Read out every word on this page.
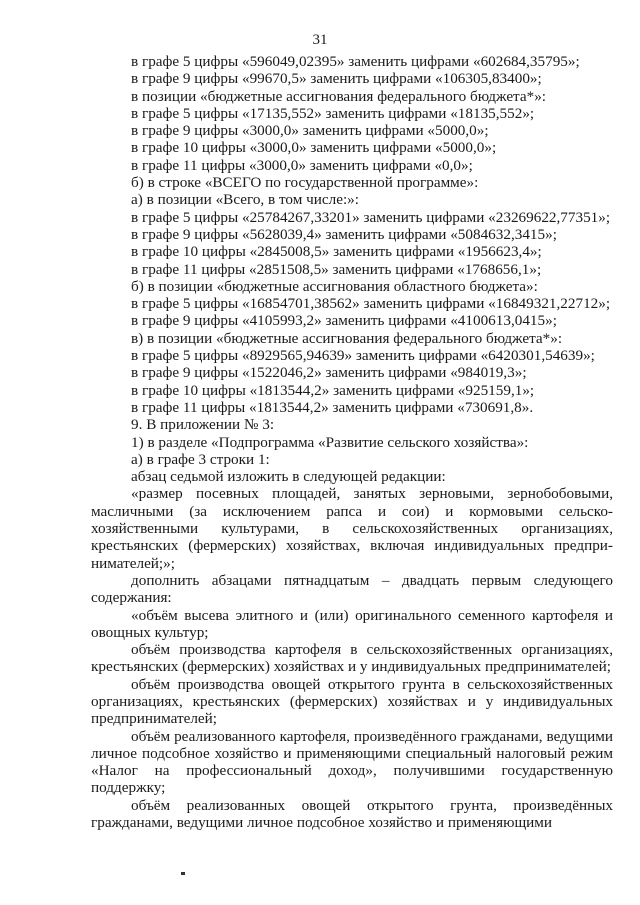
31
в графе 5 цифры «596049,02395» заменить цифрами «602684,35795»;
в графе 9 цифры «99670,5» заменить цифрами «106305,83400»;
в позиции «бюджетные ассигнования федерального бюджета*»:
в графе 5 цифры «17135,552» заменить цифрами «18135,552»;
в графе 9 цифры «3000,0» заменить цифрами «5000,0»;
в графе 10 цифры «3000,0» заменить цифрами «5000,0»;
в графе 11 цифры «3000,0» заменить цифрами «0,0»;
б) в строке «ВСЕГО по государственной программе»:
а) в позиции «Всего, в том числе:»:
в графе 5 цифры «25784267,33201» заменить цифрами «23269622,77351»;
в графе 9 цифры «5628039,4» заменить цифрами «5084632,3415»;
в графе 10 цифры «2845008,5» заменить цифрами «1956623,4»;
в графе 11 цифры «2851508,5» заменить цифрами «1768656,1»;
б) в позиции «бюджетные ассигнования областного бюджета»:
в графе 5 цифры «16854701,38562» заменить цифрами «16849321,22712»;
в графе 9 цифры «4105993,2» заменить цифрами «4100613,0415»;
в) в позиции «бюджетные ассигнования федерального бюджета*»:
в графе 5 цифры «8929565,94639» заменить цифрами «6420301,54639»;
в графе 9 цифры «1522046,2» заменить цифрами «984019,3»;
в графе 10 цифры «1813544,2» заменить цифрами «925159,1»;
в графе 11 цифры «1813544,2» заменить цифрами «730691,8».
9. В приложении № 3:
1) в разделе «Подпрограмма «Развитие сельского хозяйства»:
а) в графе 3 строки 1:
абзац седьмой изложить в следующей редакции:

«размер посевных площадей, занятых зерновыми, зернобобовыми, масличными (за исключением рапса и сои) и кормовыми сельско-хозяйственными культурами, в сельскохозяйственных организациях, крестьянских (фермерских) хозяйствах, включая индивидуальных предпри-нимателей;»;

дополнить абзацами пятнадцатым – двадцать первым следующего содержания:

«объём высева элитного и (или) оригинального семенного картофеля и овощных культур;

объём производства картофеля в сельскохозяйственных организациях, крестьянских (фермерских) хозяйствах и у индивидуальных предпринимателей;

объём производства овощей открытого грунта в сельскохозяйственных организациях, крестьянских (фермерских) хозяйствах и у индивидуальных предпринимателей;

объём реализованного картофеля, произведённого гражданами, ведущими личное подсобное хозяйство и применяющими специальный налоговый режим «Налог на профессиональный доход», получившими государственную поддержку;

объём реализованных овощей открытого грунта, произведённых гражданами, ведущими личное подсобное хозяйство и применяющими
